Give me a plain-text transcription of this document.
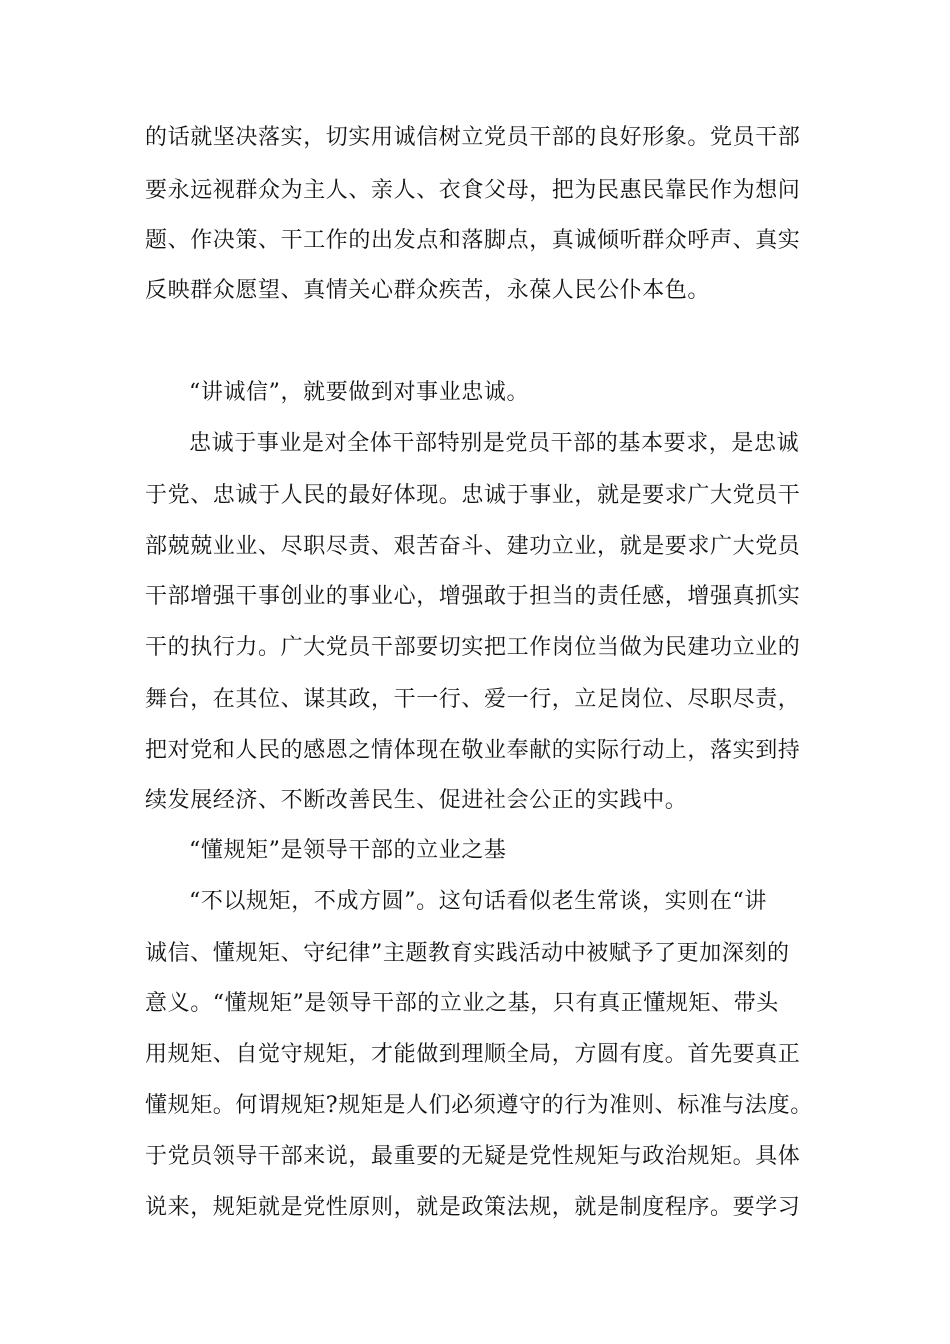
的话就坚决落实，切实用诚信树立党员干部的良好形象。党员干部
要永远视群众为主人、亲人、衣食父母，把为民惠民靠民作为想问
题、作决策、干工作的出发点和落脚点，真诚倾听群众呼声、真实
反映群众愿望、真情关心群众疾苦，永葆人民公仆本色。
“讲诚信”，就要做到对事业忠诚。
忠诚于事业是对全体干部特别是党员干部的基本要求，是忠诚
于党、忠诚于人民的最好体现。忠诚于事业，就是要求广大党员干
部兢兢业业、尽职尽责、艰苦奋斗、建功立业，就是要求广大党员
干部增强干事创业的事业心，增强敢于担当的责任感，增强真抓实
干的执行力。广大党员干部要切实把工作岗位当做为民建功立业的
舞台，在其位、谋其政，干一行、爱一行，立足岗位、尽职尽责，
把对党和人民的感恩之情体现在敬业奉献的实际行动上，落实到持
续发展经济、不断改善民生、促进社会公正的实践中。
“懂规矩”是领导干部的立业之基
“不以规矩，不成方圆”。这句话看似老生常谈，实则在“讲
诚信、懂规矩、守纪律”主题教育实践活动中被赋予了更加深刻的
意义。“懂规矩”是领导干部的立业之基，只有真正懂规矩、带头
用规矩、自觉守规矩，才能做到理顺全局，方圆有度。首先要真正
懂规矩。何谓规矩?规矩是人们必须遵守的行为准则、标准与法度。
于党员领导干部来说，最重要的无疑是党性规矩与政治规矩。具体
说来，规矩就是党性原则，就是政策法规，就是制度程序。要学习
